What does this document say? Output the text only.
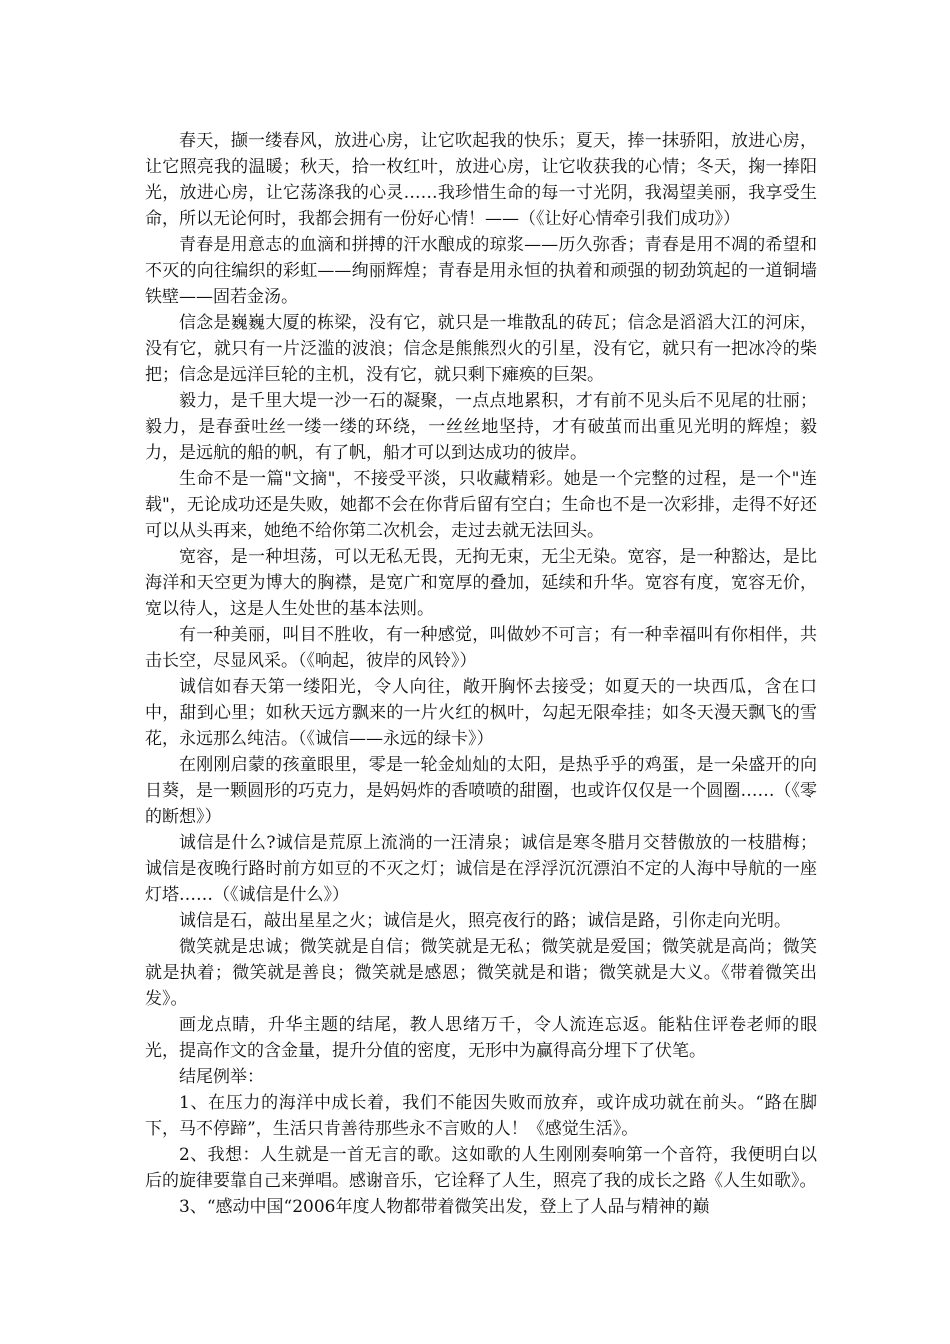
春天，撷一缕春风，放进心房，让它吹起我的快乐；夏天，捧一抹骄阳，放进心房，让它照亮我的温暖；秋天，拾一枚红叶，放进心房，让它收获我的心情；冬天，掬一捧阳光，放进心房，让它荡涤我的心灵……我珍惜生命的每一寸光阴，我渴望美丽，我享受生命，所以无论何时，我都会拥有一份好心情！——（《让好心情牵引我们成功》）

青春是用意志的血滴和拼搏的汗水酿成的琼浆——历久弥香；青春是用不凋的希望和不灭的向往编织的彩虹——绚丽辉煌；青春是用永恒的执着和顽强的韧劲筑起的一道铜墙铁壁——固若金汤。

信念是巍巍大厦的栋梁，没有它，就只是一堆散乱的砖瓦；信念是滔滔大江的河床，没有它，就只有一片泛滥的波浪；信念是熊熊烈火的引星，没有它，就只有一把冰冷的柴把；信念是远洋巨轮的主机，没有它，就只剩下瘫痪的巨架。

毅力，是千里大堤一沙一石的凝聚，一点点地累积，才有前不见头后不见尾的壮丽；毅力，是春蚕吐丝一缕一缕的环绕，一丝丝地坚持，才有破茧而出重见光明的辉煌；毅力，是远航的船的帆，有了帆，船才可以到达成功的彼岸。

生命不是一篇"文摘"，不接受平淡，只收藏精彩。她是一个完整的过程，是一个"连载"，无论成功还是失败，她都不会在你背后留有空白；生命也不是一次彩排，走得不好还可以从头再来，她绝不给你第二次机会，走过去就无法回头。

宽容，是一种坦荡，可以无私无畏，无拘无束，无尘无染。宽容，是一种豁达，是比海洋和天空更为博大的胸襟，是宽广和宽厚的叠加，延续和升华。宽容有度，宽容无价，宽以待人，这是人生处世的基本法则。

有一种美丽，叫目不胜收，有一种感觉，叫做妙不可言；有一种幸福叫有你相伴，共击长空，尽显风采。（《响起，彼岸的风铃》）

诚信如春天第一缕阳光，令人向往，敞开胸怀去接受；如夏天的一块西瓜，含在口中，甜到心里；如秋天远方飘来的一片火红的枫叶，勾起无限牵挂；如冬天漫天飘飞的雪花，永远那么纯洁。（《诚信——永远的绿卡》）

在刚刚启蒙的孩童眼里，零是一轮金灿灿的太阳，是热乎乎的鸡蛋，是一朵盛开的向日葵，是一颗圆形的巧克力，是妈妈炸的香喷喷的甜圈，也或许仅仅是一个圆圈……（《零的断想》）

诚信是什么?诚信是荒原上流淌的一汪清泉；诚信是寒冬腊月交替傲放的一枝腊梅；诚信是夜晚行路时前方如豆的不灭之灯；诚信是在浮浮沉沉漂泊不定的人海中导航的一座灯塔……（《诚信是什么》）

诚信是石，敲出星星之火；诚信是火，照亮夜行的路；诚信是路，引你走向光明。

微笑就是忠诚；微笑就是自信；微笑就是无私；微笑就是爱国；微笑就是高尚；微笑就是执着；微笑就是善良；微笑就是感恩；微笑就是和谐；微笑就是大义。《带着微笑出发》。

画龙点睛，升华主题的结尾，教人思绪万千，令人流连忘返。能粘住评卷老师的眼光，提高作文的含金量，提升分值的密度，无形中为赢得高分埋下了伏笔。

结尾例举：

1、在压力的海洋中成长着，我们不能因失败而放弃，或许成功就在前头。“路在脚下，马不停蹄”，生活只肯善待那些永不言败的人！《感觉生活》。

2、我想：人生就是一首无言的歌。这如歌的人生刚刚奏响第一个音符，我便明白以后的旋律要靠自己来弹唱。感谢音乐，它诠释了人生，照亮了我的成长之路《人生如歌》。

3、“感动中国“2006年度人物都带着微笑出发，登上了人品与精神的巅
